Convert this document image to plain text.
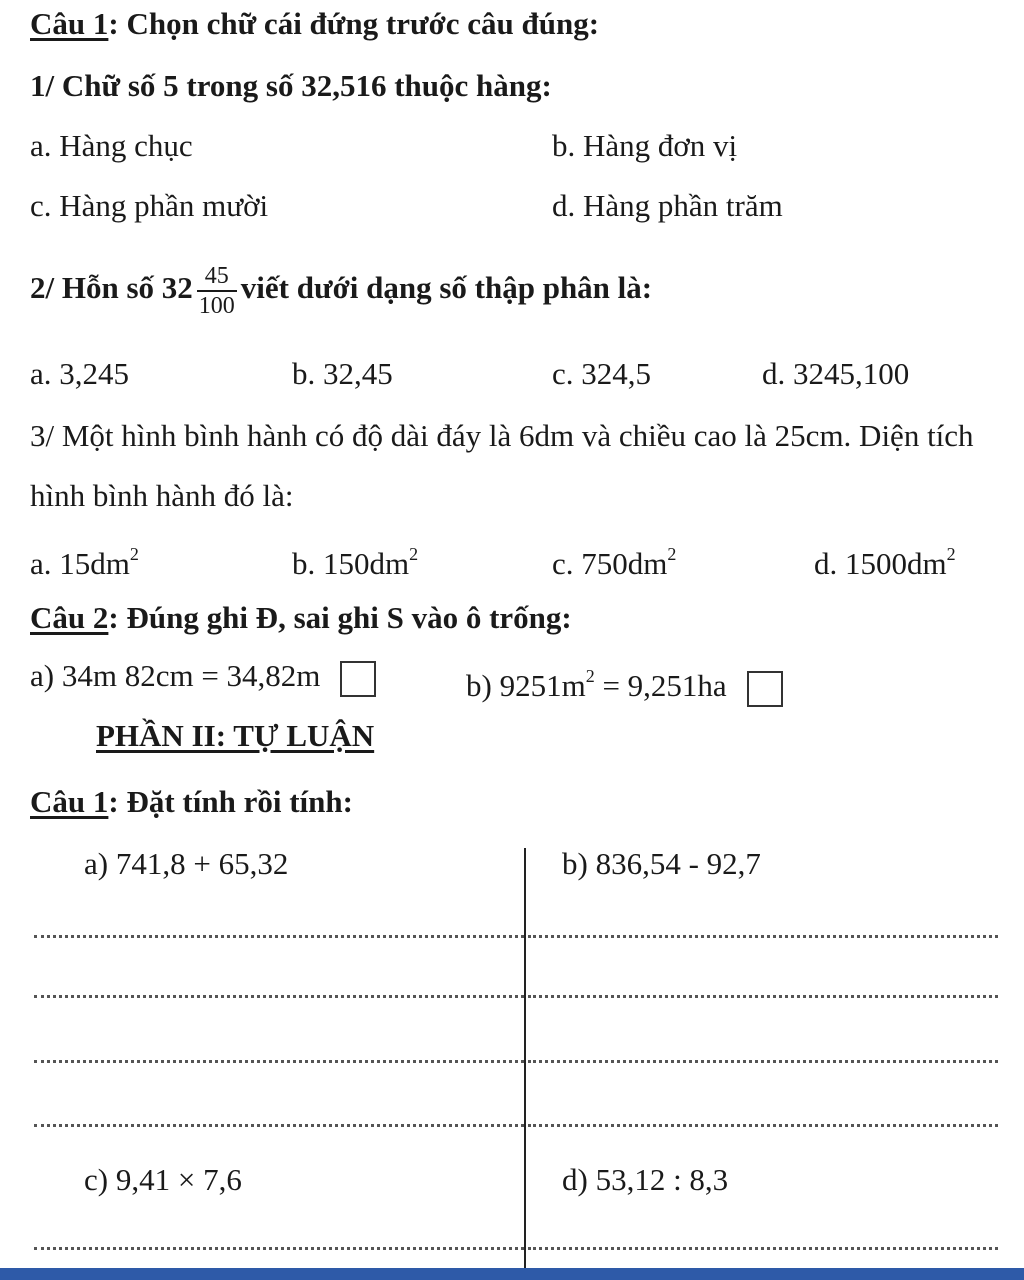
Câu 1: Chọn chữ cái đứng trước câu đúng:
1/ Chữ số 5 trong số 32,516 thuộc hàng:
a. Hàng chục	b. Hàng đơn vị
c. Hàng phần mười	d. Hàng phần trăm
2/ Hỗn số $32 \frac{45}{100}$ viết dưới dạng số thập phân là:
a. 3,245	b. 32,45	c. 324,5	d. 3245,100
3/ Một hình bình hành có độ dài đáy là 6dm và chiều cao là 25cm. Diện tích
hình bình hành đó là:
a. $15dm^2$	b. $150dm^2$	c. $750dm^2$	d. $1500dm^2$
Câu 2: Đúng ghi Đ, sai ghi S vào ô trống:
a) 34m 82cm = 34,82m	b) $9251m^2 = 9,251ha$
PHẦN II: TỰ LUẬN
Câu 1: Đặt tính rồi tính:
a) 741,8 + 65,32	b) 836,54 - 92,7
c) 9,41 × 7,6	d) 53,12 : 8,3
